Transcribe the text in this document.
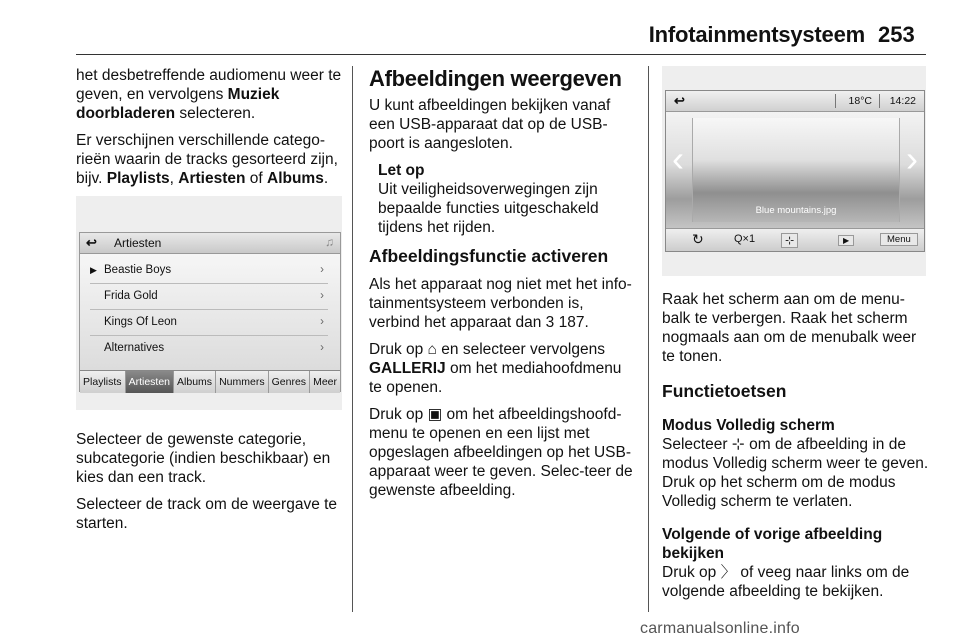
Infotainmentsysteem 253

het desbetreffende audiomenu weer te geven, en vervolgens Muziek doorbladeren selecteren.

Er verschijnen verschillende catego-rieën waarin de tracks gesorteerd zijn, bijv. Playlists, Artiesten of Albums.

Selecteer de gewenste categorie, subcategorie (indien beschikbaar) en kies dan een track.

Selecteer de track om de weergave te starten.

↩ Artiesten	♫
▶ Beastie Boys	›
Frida Gold	›
Kings Of Leon	›
Alternatives	›
Playlists Artiesten Albums Nummers Genres Meer
Afbeeldingen weergeven

U kunt afbeeldingen bekijken vanaf een USB-apparaat dat op de USB-poort is aangesloten.

Let op
Uit veiligheidsoverwegingen zijn bepaalde functies uitgeschakeld tijdens het rijden.
Afbeeldingsfunctie activeren

Als het apparaat nog niet met het info-tainmentsysteem verbonden is, verbind het apparaat dan 3 187.

Druk op ⌂ en selecteer vervolgens GALLERIJ om het mediahoofdmenu te openen.

Druk op ▣ om het afbeeldingshoofd-menu te openen en een lijst met opgeslagen afbeeldingen op het USB-apparaat weer te geven. Selec-teer de gewenste afbeelding.

↩	18°C 14:22
Blue mountains.jpg
‹	›
↻	Q×1	⊹	▶	Menu

Raak het scherm aan om de menu-balk te verbergen. Raak het scherm nogmaals aan om de menubalk weer te tonen.

Functietoetsen
Modus Volledig scherm

Selecteer ⊹ om de afbeelding in de modus Volledig scherm weer te geven. Druk op het scherm om de modus Volledig scherm te verlaten.

Volgende of vorige afbeelding bekijken

Druk op 〉 of veeg naar links om de volgende afbeelding te bekijken.

carmanualsonline.info
